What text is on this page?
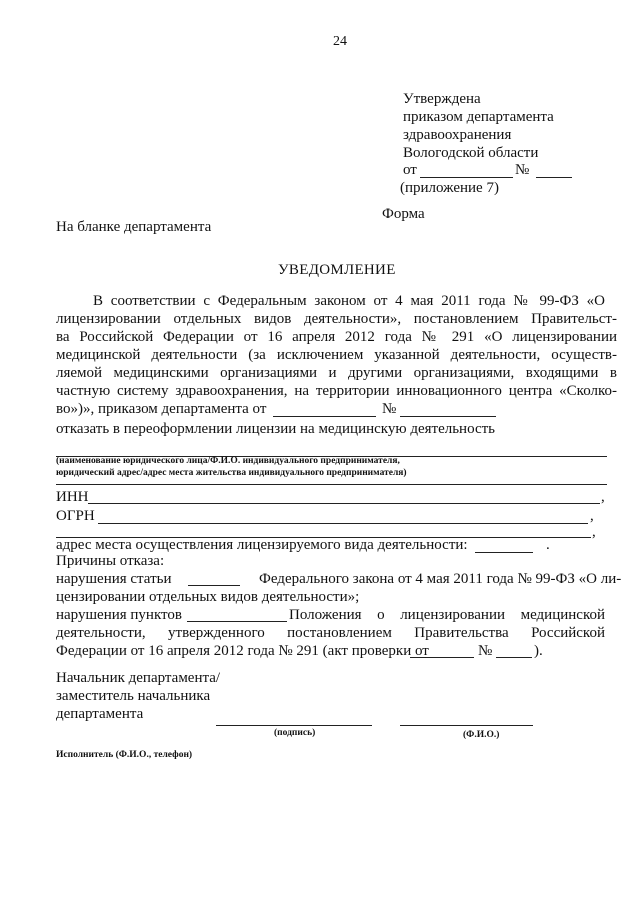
24
Утверждена
приказом департамента
здравоохранения
Вологодской области
от	№
(приложение 7)
Форма
На бланке департамента
УВЕДОМЛЕНИЕ
В соответствии с Федеральным законом от 4 мая 2011 года № 99-ФЗ «О
лицензировании отдельных видов деятельности», постановлением Правительст-
ва Российской Федерации от 16 апреля 2012 года № 291 «О лицензировании
медицинской деятельности (за исключением указанной деятельности, осуществ-
ляемой медицинскими организациями и другими организациями, входящими в
частную систему здравоохранения, на территории инновационного центра «Сколко-
во»)», приказом департамента от	№
отказать в переоформлении лицензии на медицинскую деятельность
(наименование юридического лица/Ф.И.О. индивидуального предпринимателя,
юридический адрес/адрес места жительства индивидуального предпринимателя)
ИНН	,
ОГРН	,
,
адрес места осуществления лицензируемого вида деятельности:	.
Причины отказа:
нарушения статьи	Федерального закона от 4 мая 2011 года № 99-ФЗ «О ли-
цензировании отдельных видов деятельности»;
нарушения пунктов	Положения о лицензировании медицинской
деятельности, утвержденного постановлением Правительства Российской
Федерации от 16 апреля 2012 года № 291 (акт проверки от	№	).
Начальник департамента/
заместитель начальника
департамента
(подпись)	(Ф.И.О.)
Исполнитель (Ф.И.О., телефон)
